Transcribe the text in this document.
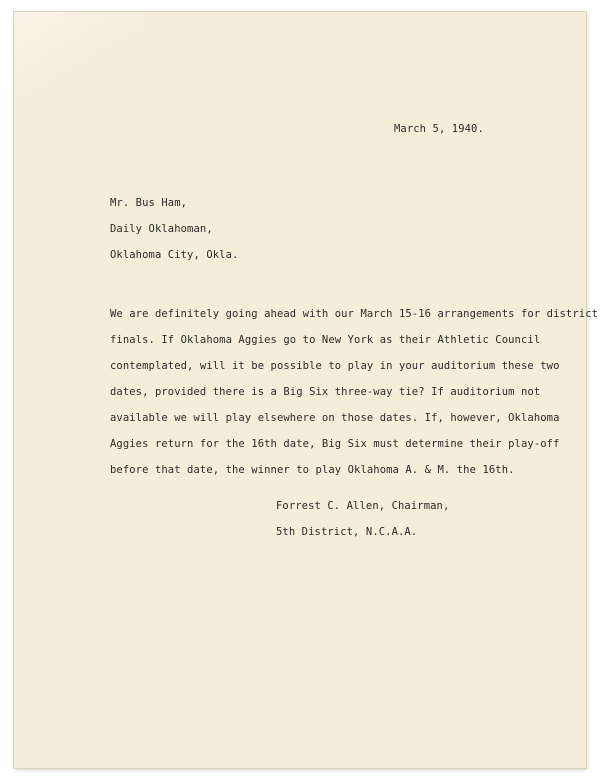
March 5, 1940.
Mr. Bus Ham,
Daily Oklahoman,
Oklahoma City, Okla.
We are definitely going ahead with our March 15-16 arrangements for district
finals. If Oklahoma Aggies go to New York as their Athletic Council
contemplated, will it be possible to play in your auditorium these two
dates, provided there is a Big Six three-way tie? If auditorium not
available we will play elsewhere on those dates. If, however, Oklahoma
Aggies return for the 16th date, Big Six must determine their play-off
before that date, the winner to play Oklahoma A. & M. the 16th.
Forrest C. Allen, Chairman,
5th District, N.C.A.A.
